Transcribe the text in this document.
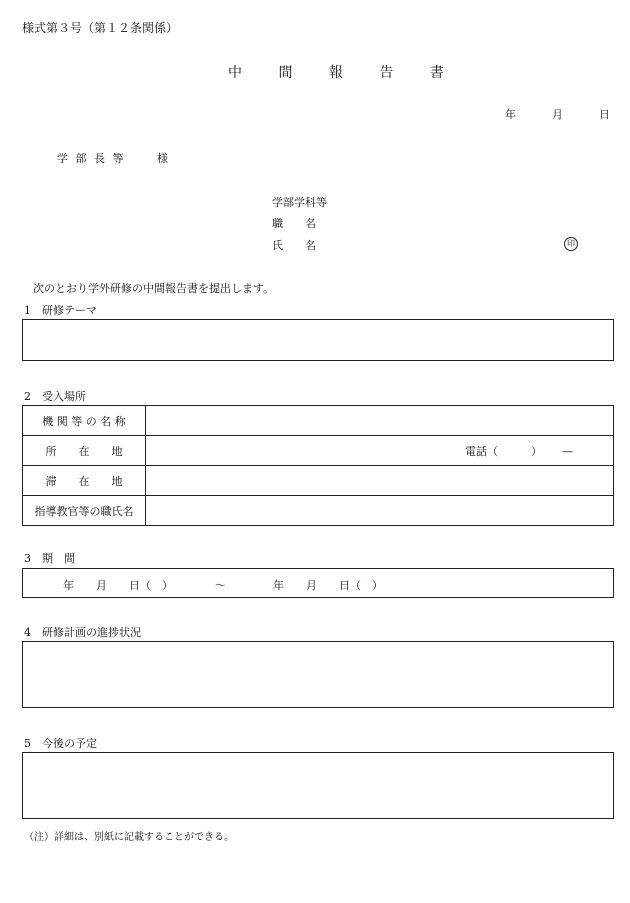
様式第３号（第１２条関係）
中 間 報 告 書
年	月	日
学 部 長 等　　 様
学部学科等
職　　名
氏　　名	印
次のとおり学外研修の中間報告書を提出します。
1　研修テーマ
2　受入場所
機 関 等 の 名 称	
所　　在　　地	電話（　　　）　　 —

滞　　在　　地	
指導教官等の職氏名	
3　期　間
年　　月　　日（　）	〜	年　　月　　日（　）
4　研修計画の進捗状況
5　今後の予定
（注）詳細は、別紙に記載することができる。
